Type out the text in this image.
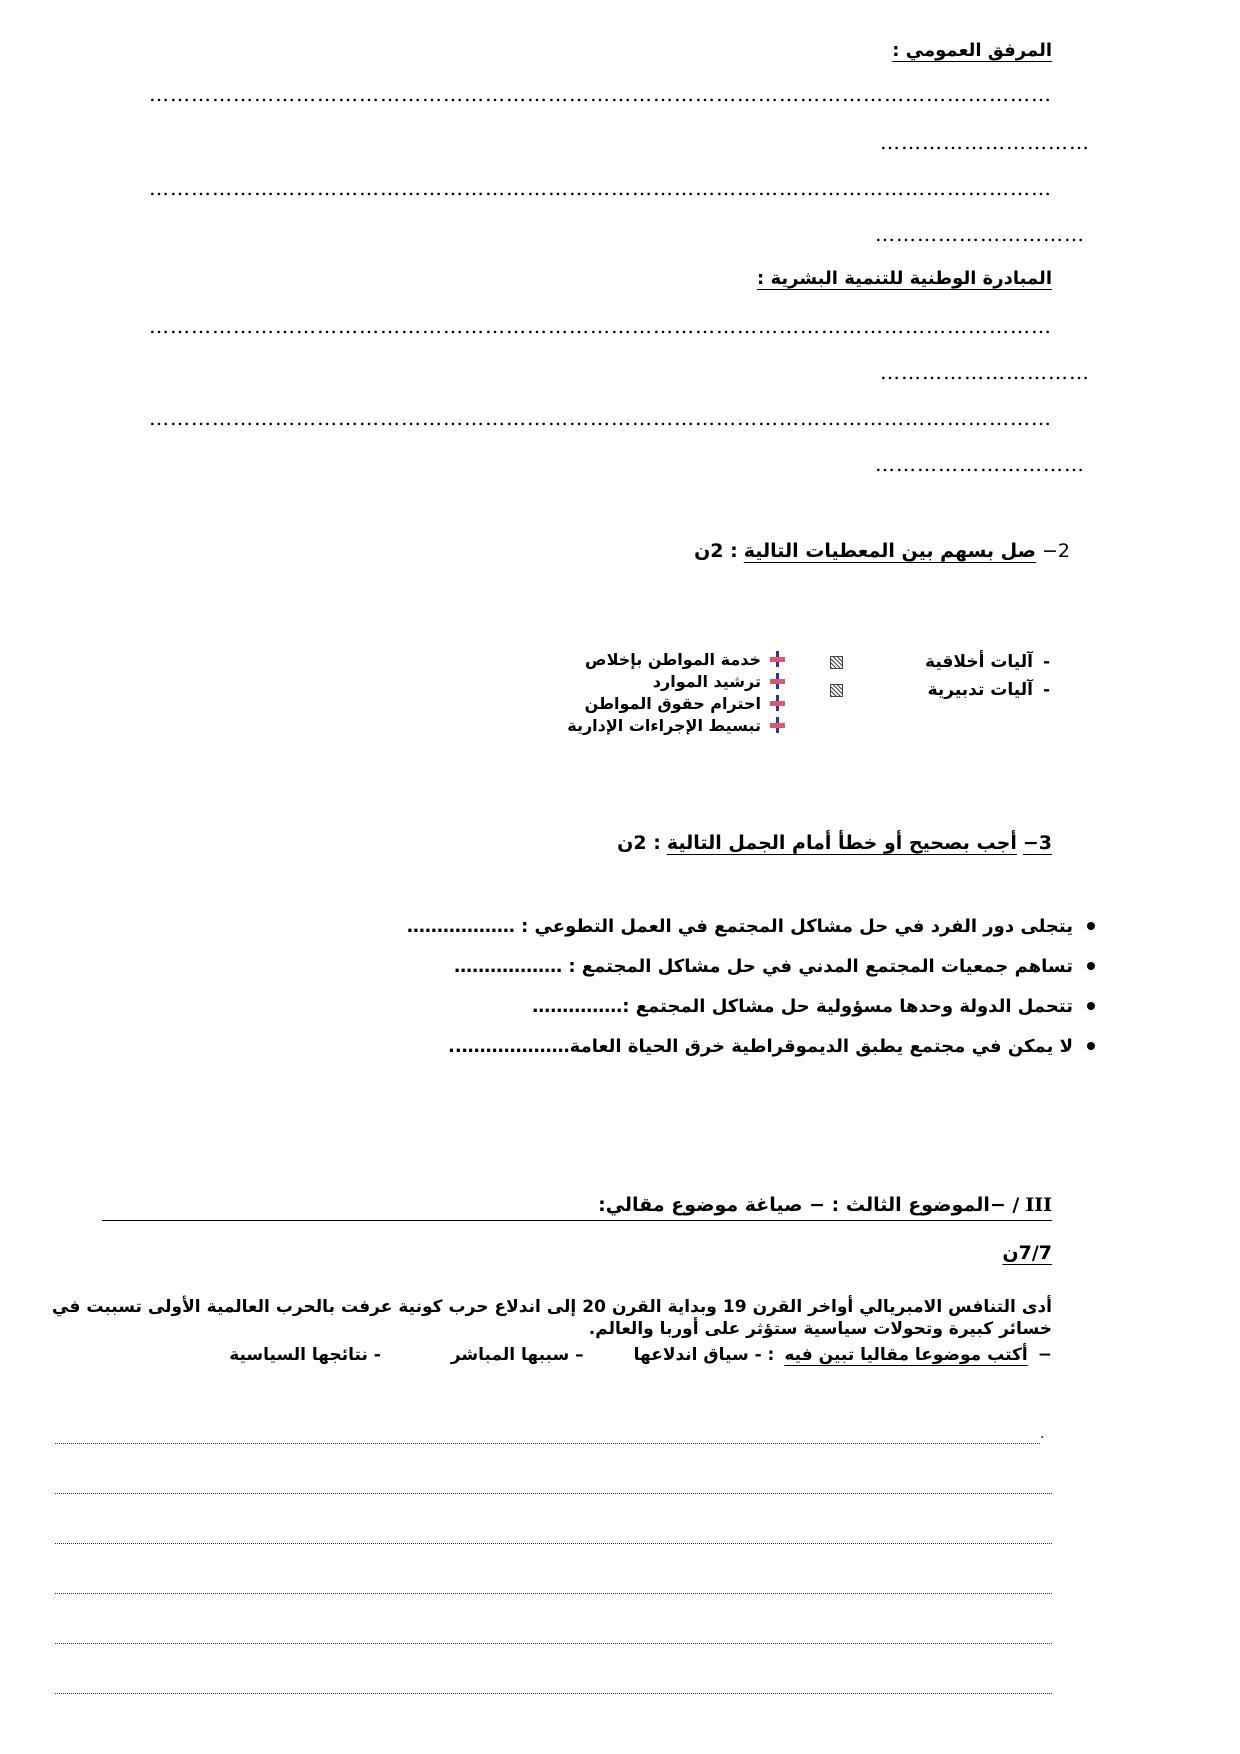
المرفق العمومي :
…………………………………………………………………………………………………………………
…………………………
…………………………………………………………………………………………………………………
…………………………
المبادرة الوطنية للتنمية البشرية :
…………………………………………………………………………………………………………………
…………………………
…………………………………………………………………………………………………………………
…………………………
2−
صل بسهم بين المعطيات التالية
: 2ن
-
آليات أخلاقية
-
آليات تدبيرية
خدمة المواطن بإخلاص
ترشيد الموارد
احترام حقوق المواطن
تبسيط الإجراءات الإدارية
3−
أجب بصحيح أو خطأ أمام الجمل التالية
: 2ن
يتجلى دور الفرد في حل مشاكل المجتمع في العمل التطوعي : ………………
تساهم جمعيات المجتمع المدني في حل مشاكل المجتمع : ………………
تتحمل الدولة وحدها مسؤولية حل مشاكل المجتمع :……………
لا يمكن في مجتمع يطبق الديموقراطية خرق الحياة العامة………………..
III
/ −الموضوع الثالث : − صياغة موضوع مقالي:
7/7ن
أدى التنافس الامبريالي أواخر القرن 19 وبداية القرن 20 إلى اندلاع حرب كونية عرفت بالحرب العالمية الأولى تسببت في خسائر كبيرة وتحولات سياسية ستؤثر على أوربا والعالم.
−
أكتب موضوعا مقاليا تبين فيه
: - سياق اندلاعها
– سببها المباشر
- نتائجها السياسية
.
